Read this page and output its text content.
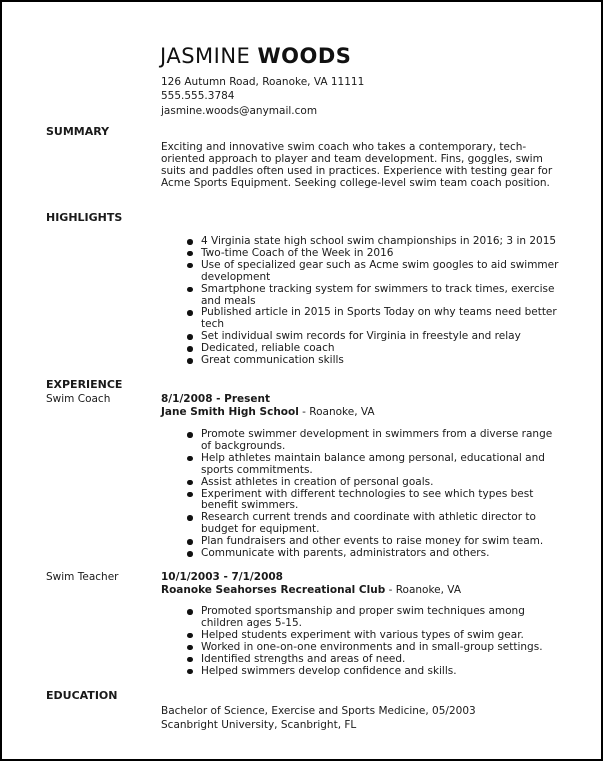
JASMINE WOODS
126 Autumn Road, Roanoke, VA 11111
555.555.3784
jasmine.woods@anymail.com
SUMMARY
Exciting and innovative swim coach who takes a contemporary, tech-oriented approach to player and team development. Fins, goggles, swim suits and paddles often used in practices. Experience with testing gear for Acme Sports Equipment. Seeking college-level swim team coach position.
HIGHLIGHTS
4 Virginia state high school swim championships in 2016; 3 in 2015
Two-time Coach of the Week in 2016
Use of specialized gear such as Acme swim googles to aid swimmer development
Smartphone tracking system for swimmers to track times, exercise and meals
Published article in 2015 in Sports Today on why teams need better tech
Set individual swim records for Virginia in freestyle and relay
Dedicated, reliable coach
Great communication skills
EXPERIENCE
Swim Coach	8/1/2008 - Present
Jane Smith High School - Roanoke, VA
Promote swimmer development in swimmers from a diverse range of backgrounds.
Help athletes maintain balance among personal, educational and sports commitments.
Assist athletes in creation of personal goals.
Experiment with different technologies to see which types best benefit swimmers.
Research current trends and coordinate with athletic director to budget for equipment.
Plan fundraisers and other events to raise money for swim team.
Communicate with parents, administrators and others.
Swim Teacher	10/1/2003 - 7/1/2008
Roanoke Seahorses Recreational Club - Roanoke, VA
Promoted sportsmanship and proper swim techniques among children ages 5-15.
Helped students experiment with various types of swim gear.
Worked in one-on-one environments and in small-group settings.
Identified strengths and areas of need.
Helped swimmers develop confidence and skills.
EDUCATION
Bachelor of Science, Exercise and Sports Medicine, 05/2003
Scanbright University, Scanbright, FL
